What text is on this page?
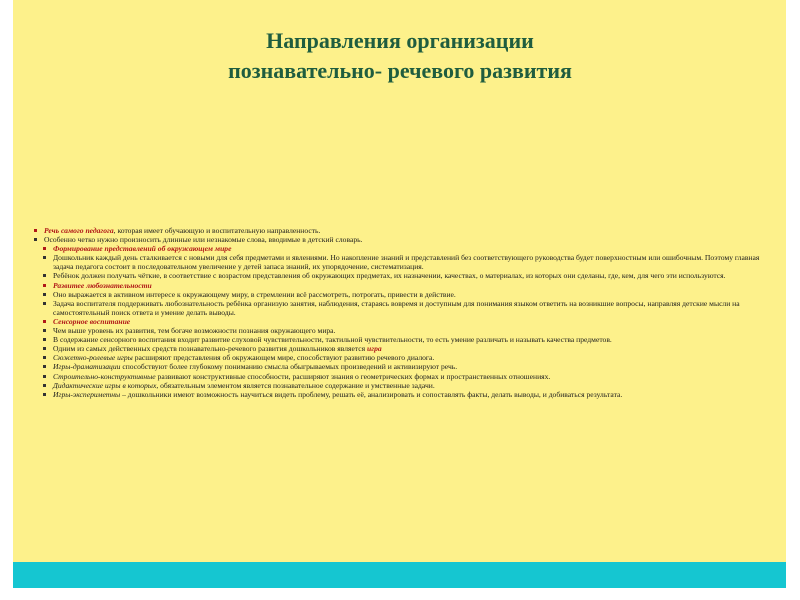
Направления организации
познавательно- речевого развития
Речь самого педагога, которая имеет обучающую и воспитательную направленность.
Особенно четко нужно произносить длинные или незнакомые слова, вводимые в детский словарь.
Формирование представлений об окружающем мире
Дошкольник каждый день сталкивается с новыми для себя предметами и явлениями. Но накопление знаний и представлений без соответствующего руководства будет поверхностным или ошибочным. Поэтому главная задача педагога состоит в последовательном увеличение у детей запаса знаний, их упорядочение, систематизация.
Ребёнок должен получать чёткие, в соответствие с возрастом представления об окружающих предметах, их назначении, качествах, о материалах, из которых они сделаны, где, кем, для чего эти используются.
Развитее любознательности
Оно выражается в активном интересе к окружающему миру, в стремлении всё рассмотреть, потрогать, привести в действие.
Задача воспитателя поддерживать любознательность ребёнка организую занятия, наблюдения, стараясь вовремя и доступным для понимания языком ответить на возникшие вопросы, направляя детские мысли на самостоятельный поиск ответа и умение делать выводы.
Сенсорное воспитание
Чем выше уровень их развития, тем богаче возможности познания окружающего мира.
В содержание сенсорного воспитания входит развитие слуховой чувствительности, тактильной чувствительности, то есть умение различать и называть качества предметов.
Одним из самых действенных средств познавательно-речевого развития дошкольников является игра
Сюжетно-ролевые игры расширяют представления об окружающем мире, способствуют развитию речевого диалога.
Игры-драматизации способствуют более глубокому пониманию смысла обыгрываемых произведений и активизируют речь.
Строительно-конструктивные развивают конструктивные способности, расширяют знания о геометрических формах и пространственных отношениях.
Дидактические игры в которых, обязательным элементом является познавательное содержание и умственные задачи.
Игры-экспериметны – дошкольники имеют возможность научиться видеть проблему, решать её, анализировать и сопоставлять факты, делать выводы, и добиваться результата.
